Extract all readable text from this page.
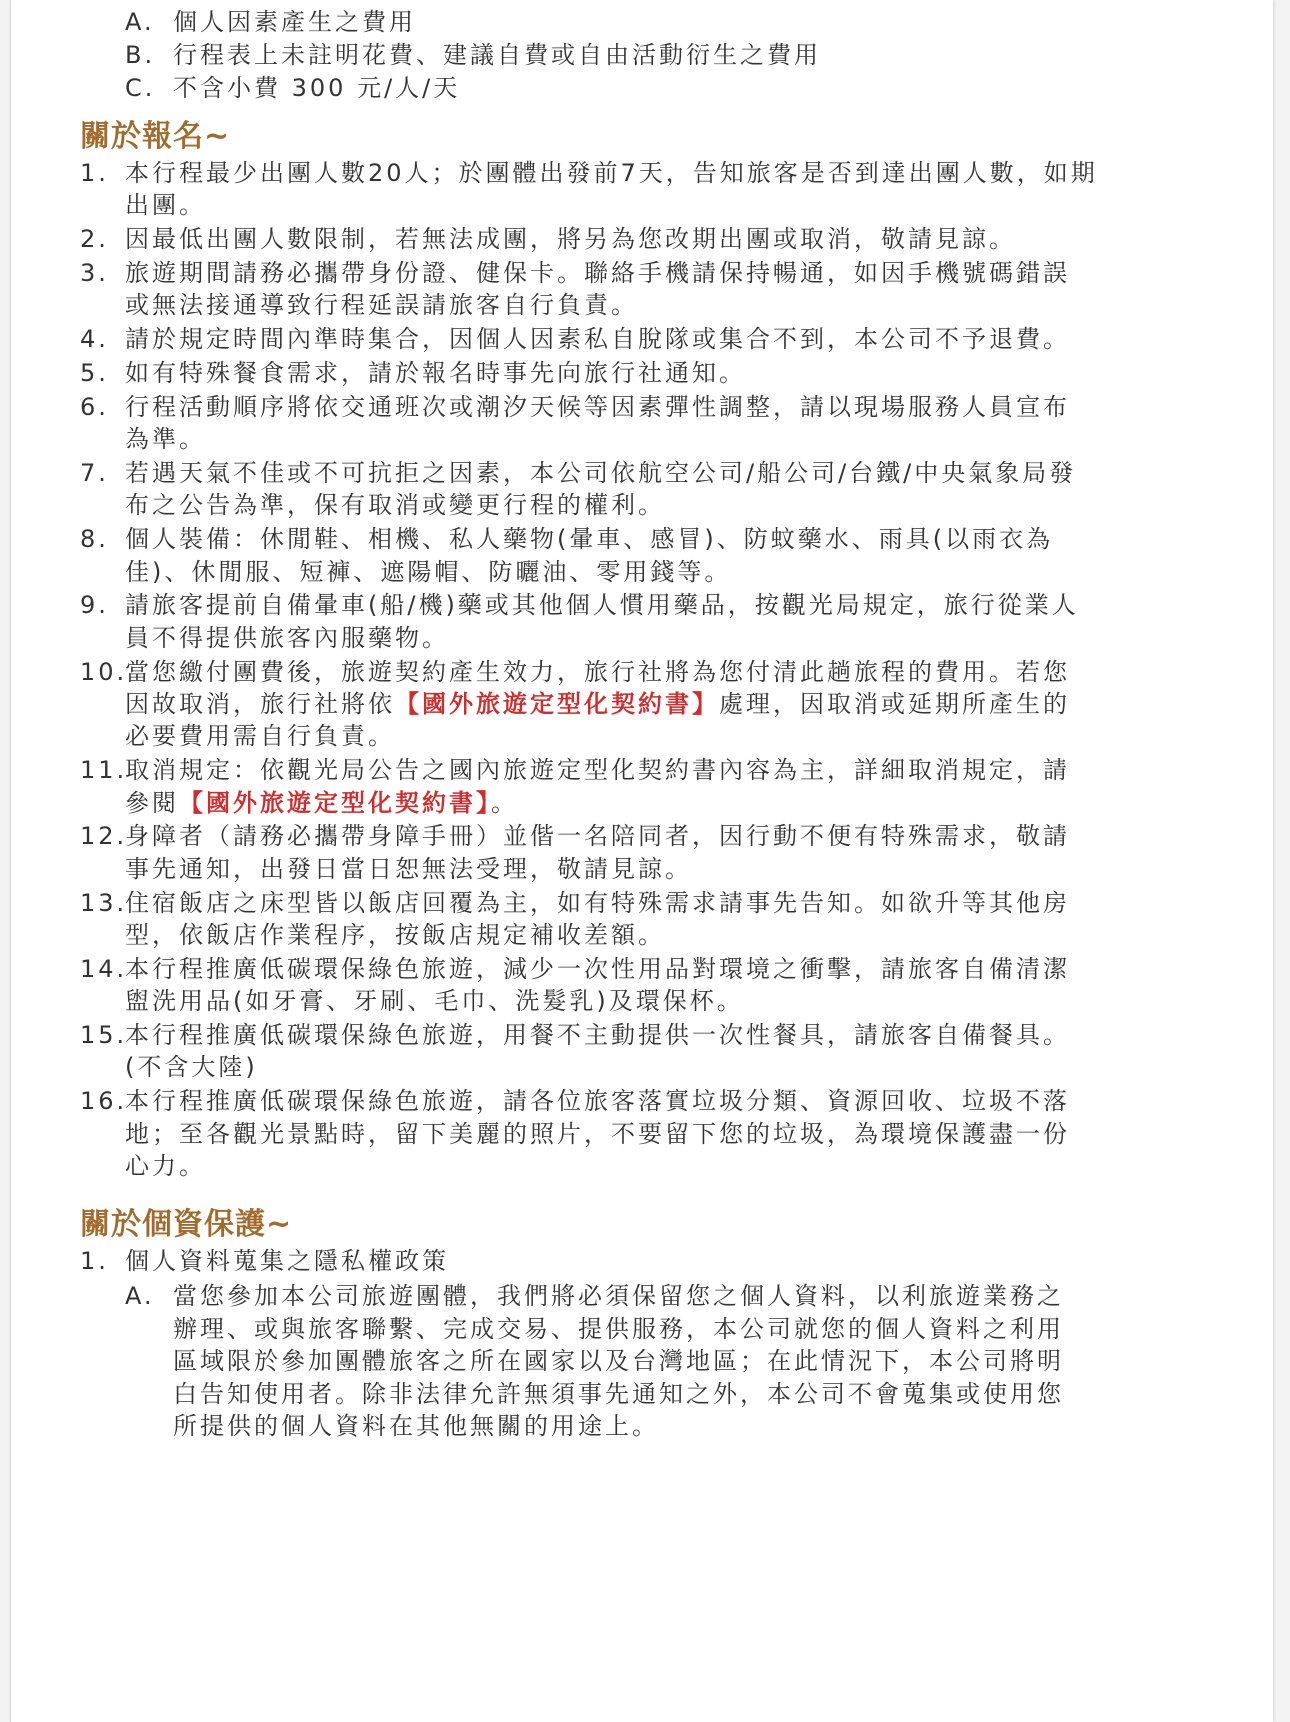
A. 個人因素產生之費用
B. 行程表上未註明花費、建議自費或自由活動衍生之費用
C. 不含小費 300 元/人/天
關於報名~
1. 本行程最少出團人數20人；於團體出發前7天，告知旅客是否到達出團人數，如期
出團。
2. 因最低出團人數限制，若無法成團，將另為您改期出團或取消，敬請見諒。
3. 旅遊期間請務必攜帶身份證、健保卡。聯絡手機請保持暢通，如因手機號碼錯誤
或無法接通導致行程延誤請旅客自行負責。
4. 請於規定時間內準時集合，因個人因素私自脫隊或集合不到，本公司不予退費。
5. 如有特殊餐食需求，請於報名時事先向旅行社通知。
6. 行程活動順序將依交通班次或潮汐天候等因素彈性調整，請以現場服務人員宣布
為準。
7. 若遇天氣不佳或不可抗拒之因素，本公司依航空公司/船公司/台鐵/中央氣象局發
布之公告為準，保有取消或變更行程的權利。
8. 個人裝備：休閒鞋、相機、私人藥物(暈車、感冒)、防蚊藥水、雨具(以雨衣為
佳)、休閒服、短褲、遮陽帽、防曬油、零用錢等。
9. 請旅客提前自備暈車(船/機)藥或其他個人慣用藥品，按觀光局規定，旅行從業人
員不得提供旅客內服藥物。
10.
當您繳付團費後，旅遊契約產生效力，旅行社將為您付清此趟旅程的費用。若您
因故取消，旅行社將依【國外旅遊定型化契約書】處理，因取消或延期所產生的
必要費用需自行負責。
11.
取消規定：依觀光局公告之國內旅遊定型化契約書內容為主，詳細取消規定，請
參閱【國外旅遊定型化契約書】。
12.
身障者（請務必攜帶身障手冊）並偕一名陪同者，因行動不便有特殊需求，敬請
事先通知，出發日當日恕無法受理，敬請見諒。
13.
住宿飯店之床型皆以飯店回覆為主，如有特殊需求請事先告知。如欲升等其他房
型，依飯店作業程序，按飯店規定補收差額。
14.
本行程推廣低碳環保綠色旅遊，減少一次性用品對環境之衝擊，請旅客自備清潔
盥洗用品(如牙膏、牙刷、毛巾、洗髮乳)及環保杯。
15.
本行程推廣低碳環保綠色旅遊，用餐不主動提供一次性餐具，請旅客自備餐具。
(不含大陸)
16.
本行程推廣低碳環保綠色旅遊，請各位旅客落實垃圾分類、資源回收、垃圾不落
地；至各觀光景點時，留下美麗的照片，不要留下您的垃圾，為環境保護盡一份
心力。
關於個資保護~
1. 個人資料蒐集之隱私權政策
A. 當您參加本公司旅遊團體，我們將必須保留您之個人資料，以利旅遊業務之
辦理、或與旅客聯繫、完成交易、提供服務，本公司就您的個人資料之利用
區域限於參加團體旅客之所在國家以及台灣地區；在此情況下，本公司將明
白告知使用者。除非法律允許無須事先通知之外，本公司不會蒐集或使用您
所提供的個人資料在其他無關的用途上。
